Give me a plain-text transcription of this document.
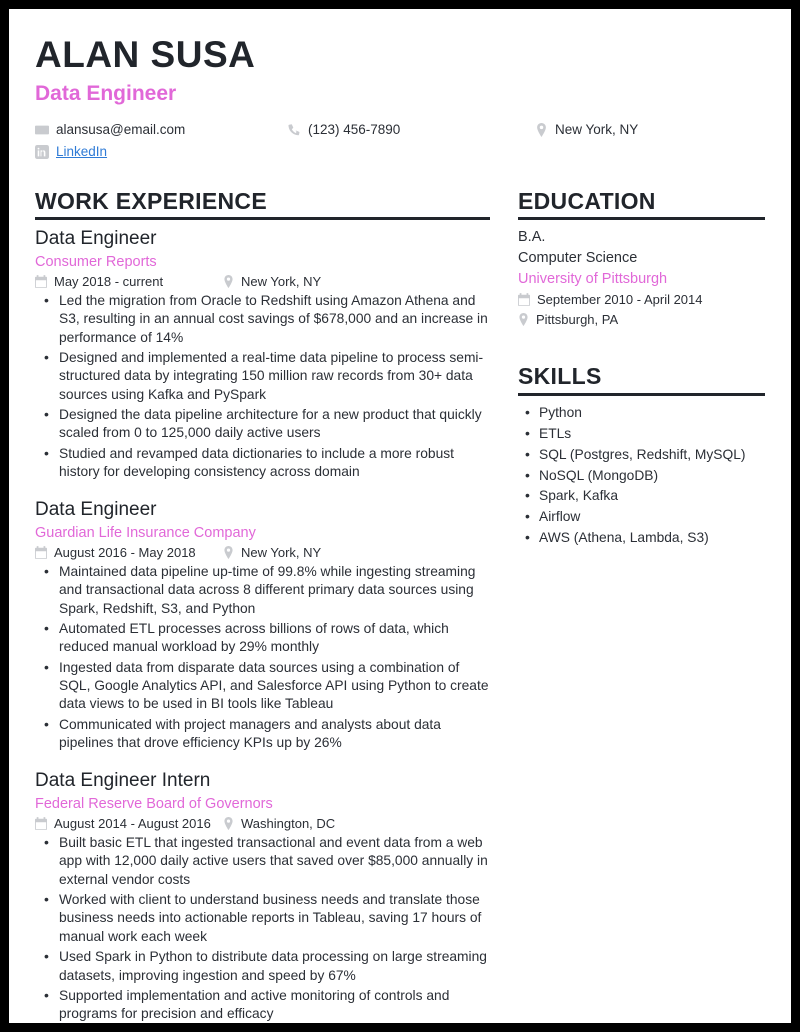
ALAN SUSA
Data Engineer
alansusa@email.com	(123) 456-7890	New York, NY
LinkedIn
WORK EXPERIENCE
Data Engineer
Consumer Reports
May 2018 - current	New York, NY
• Led the migration from Oracle to Redshift using Amazon Athena and S3, resulting in an annual cost savings of $678,000 and an increase in performance of 14%
• Designed and implemented a real-time data pipeline to process semi-structured data by integrating 150 million raw records from 30+ data sources using Kafka and PySpark
• Designed the data pipeline architecture for a new product that quickly scaled from 0 to 125,000 daily active users
• Studied and revamped data dictionaries to include a more robust history for developing consistency across domain
Data Engineer
Guardian Life Insurance Company
August 2016 - May 2018	New York, NY
• Maintained data pipeline up-time of 99.8% while ingesting streaming and transactional data across 8 different primary data sources using Spark, Redshift, S3, and Python
• Automated ETL processes across billions of rows of data, which reduced manual workload by 29% monthly
• Ingested data from disparate data sources using a combination of SQL, Google Analytics API, and Salesforce API using Python to create data views to be used in BI tools like Tableau
• Communicated with project managers and analysts about data pipelines that drove efficiency KPIs up by 26%
Data Engineer Intern
Federal Reserve Board of Governors
August 2014 - August 2016 Washington, DC
• Built basic ETL that ingested transactional and event data from a web app with 12,000 daily active users that saved over $85,000 annually in external vendor costs
• Worked with client to understand business needs and translate those business needs into actionable reports in Tableau, saving 17 hours of manual work each week
• Used Spark in Python to distribute data processing on large streaming datasets, improving ingestion and speed by 67%
• Supported implementation and active monitoring of controls and programs for precision and efficacy
EDUCATION
B.A.
Computer Science
University of Pittsburgh
September 2010 - April 2014
Pittsburgh, PA
SKILLS
• Python
• ETLs
• SQL (Postgres, Redshift, MySQL)
• NoSQL (MongoDB)
• Spark, Kafka
• Airflow
• AWS (Athena, Lambda, S3)
